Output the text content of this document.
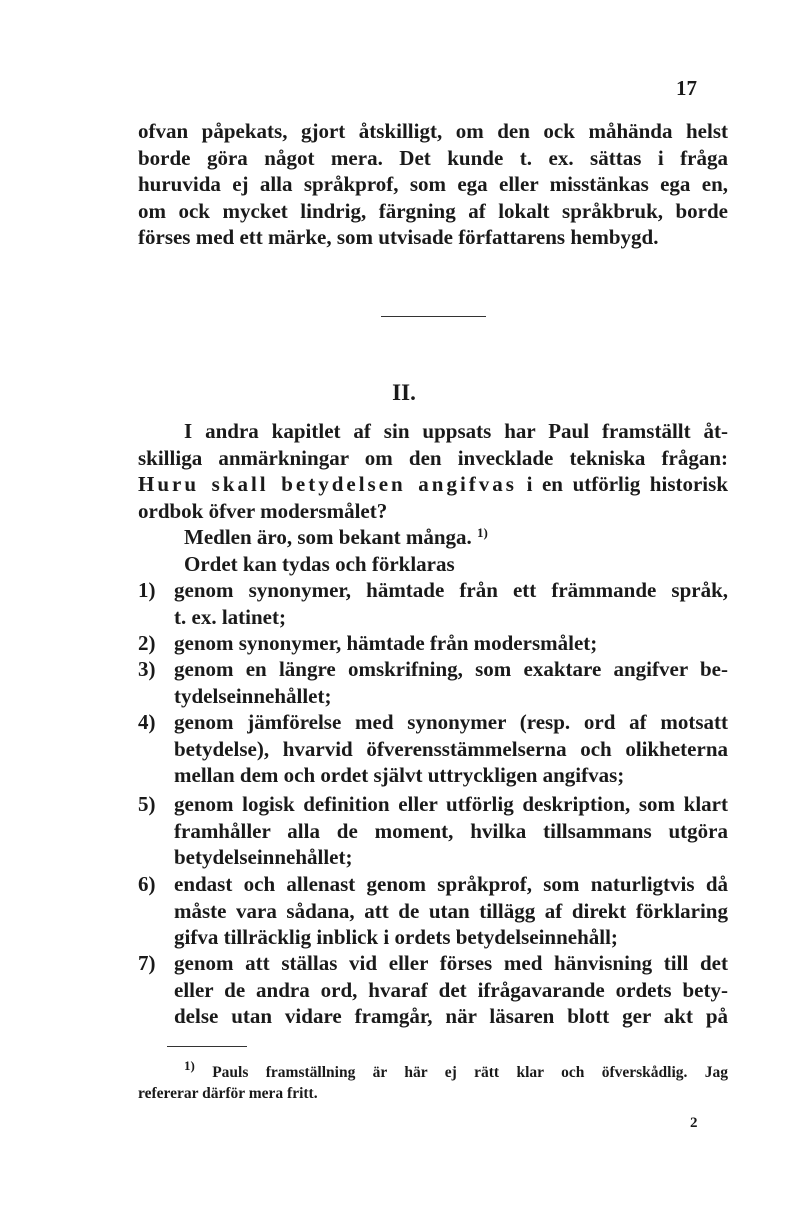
17
ofvan påpekats, gjort åtskilligt, om den ock måhända helst
borde göra något mera. Det kunde t. ex. sättas i fråga
huruvida ej alla språkprof, som ega eller misstänkas ega en,
om ock mycket lindrig, färgning af lokalt språkbruk, borde
förses med ett märke, som utvisade författarens hembygd.
II.
I andra kapitlet af sin uppsats har Paul framställt åt-
skilliga anmärkningar om den invecklade tekniska frågan:
Huru skall betydelsen angifvas i en utförlig historisk
ordbok öfver modersmålet?
Medlen äro, som bekant många. $^{1)}$
Ordet kan tydas och förklaras
1) genom synonymer, hämtade från ett främmande språk,
t. ex. latinet;
2) genom synonymer, hämtade från modersmålet;
3) genom en längre omskrifning, som exaktare angifver be-
tydelseinnehållet;
4) genom jämförelse med synonymer (resp. ord af motsatt
betydelse), hvarvid öfverensstämmelserna och olikheterna
mellan dem och ordet självt uttryckligen angifvas;
5) genom logisk definition eller utförlig deskription, som klart
framhåller alla de moment, hvilka tillsammans utgöra
betydelseinnehållet;
6) endast och allenast genom språkprof, som naturligtvis då
måste vara sådana, att de utan tillägg af direkt förklaring
gifva tillräcklig inblick i ordets betydelseinnehåll;
7) genom att ställas vid eller förses med hänvisning till det
eller de andra ord, hvaraf det ifrågavarande ordets bety-
delse utan vidare framgår, när läsaren blott ger akt på
$^{1)}$ Pauls framställning är här ej rätt klar och öfverskådlig. Jag
refererar därför mera fritt.
2
